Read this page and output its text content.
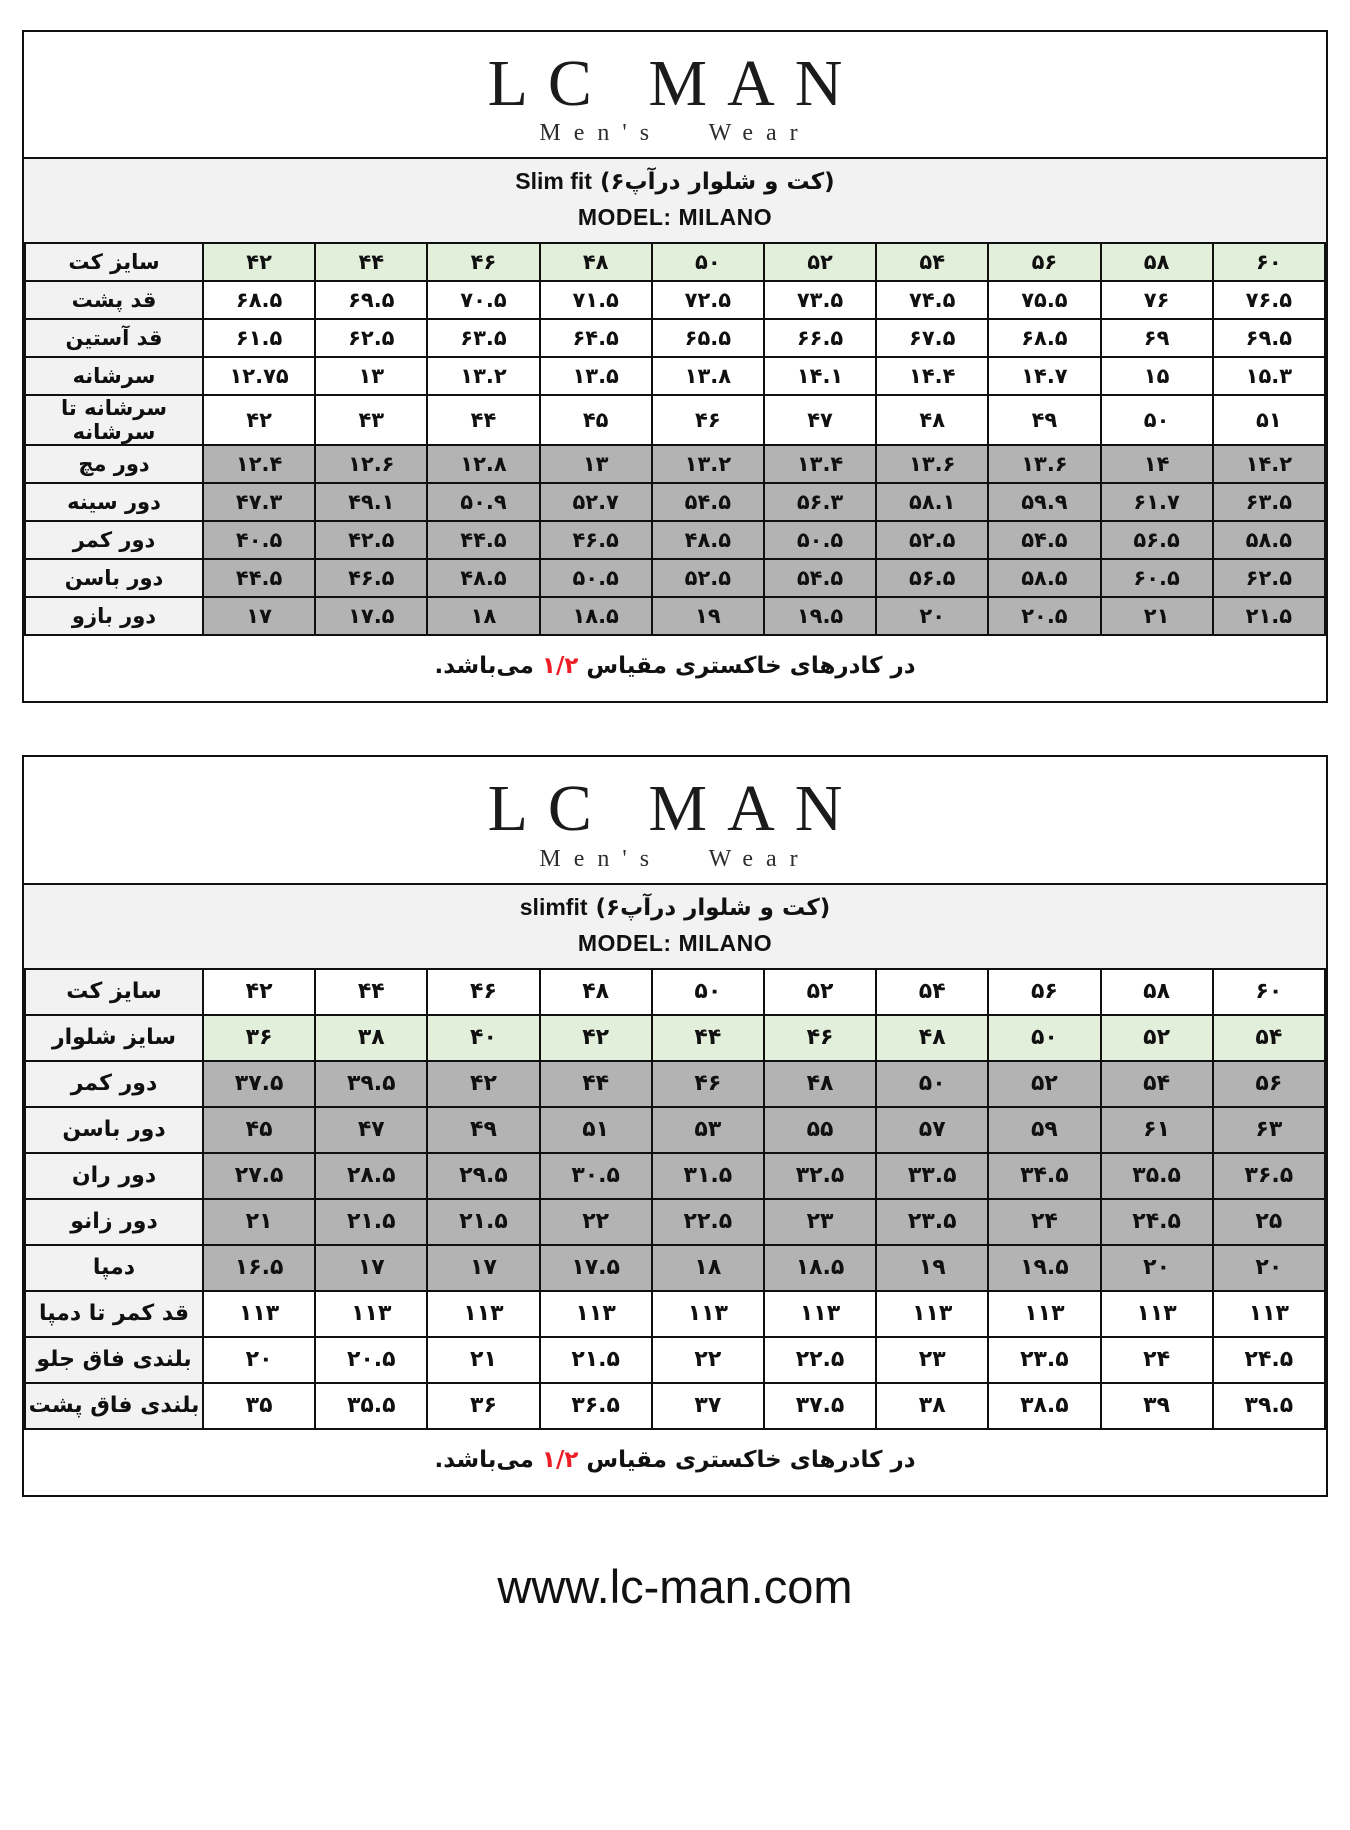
LC MAN
Men's Wear
Slim fit (کت و شلوار درآپ۶)
MODEL: MILANO
سایز کت	۴۲	۴۴	۴۶	۴۸	۵۰	۵۲	۵۴	۵۶	۵۸	۶۰
قد پشت	۶۸.۵	۶۹.۵	۷۰.۵	۷۱.۵	۷۲.۵	۷۳.۵	۷۴.۵	۷۵.۵	۷۶	۷۶.۵
قد آستین	۶۱.۵	۶۲.۵	۶۳.۵	۶۴.۵	۶۵.۵	۶۶.۵	۶۷.۵	۶۸.۵	۶۹	۶۹.۵
سرشانه	۱۲.۷۵	۱۳	۱۳.۲	۱۳.۵	۱۳.۸	۱۴.۱	۱۴.۴	۱۴.۷	۱۵	۱۵.۳
سرشانه تا سرشانه	۴۲	۴۳	۴۴	۴۵	۴۶	۴۷	۴۸	۴۹	۵۰	۵۱
دور مچ	۱۲.۴	۱۲.۶	۱۲.۸	۱۳	۱۳.۲	۱۳.۴	۱۳.۶	۱۳.۶	۱۴	۱۴.۲
دور سینه	۴۷.۳	۴۹.۱	۵۰.۹	۵۲.۷	۵۴.۵	۵۶.۳	۵۸.۱	۵۹.۹	۶۱.۷	۶۳.۵
دور کمر	۴۰.۵	۴۲.۵	۴۴.۵	۴۶.۵	۴۸.۵	۵۰.۵	۵۲.۵	۵۴.۵	۵۶.۵	۵۸.۵
دور باسن	۴۴.۵	۴۶.۵	۴۸.۵	۵۰.۵	۵۲.۵	۵۴.۵	۵۶.۵	۵۸.۵	۶۰.۵	۶۲.۵
دور بازو	۱۷	۱۷.۵	۱۸	۱۸.۵	۱۹	۱۹.۵	۲۰	۲۰.۵	۲۱	۲۱.۵
در کادرهای خاکستری مقیاس ۱/۲ می‌باشد.
LC MAN
Men's Wear
slimfit (کت و شلوار درآپ۶)
MODEL: MILANO
سایز کت	۴۲	۴۴	۴۶	۴۸	۵۰	۵۲	۵۴	۵۶	۵۸	۶۰
سایز شلوار	۳۶	۳۸	۴۰	۴۲	۴۴	۴۶	۴۸	۵۰	۵۲	۵۴
دور کمر	۳۷.۵	۳۹.۵	۴۲	۴۴	۴۶	۴۸	۵۰	۵۲	۵۴	۵۶
دور باسن	۴۵	۴۷	۴۹	۵۱	۵۳	۵۵	۵۷	۵۹	۶۱	۶۳
دور ران	۲۷.۵	۲۸.۵	۲۹.۵	۳۰.۵	۳۱.۵	۳۲.۵	۳۳.۵	۳۴.۵	۳۵.۵	۳۶.۵
دور زانو	۲۱	۲۱.۵	۲۱.۵	۲۲	۲۲.۵	۲۳	۲۳.۵	۲۴	۲۴.۵	۲۵
دمپا	۱۶.۵	۱۷	۱۷	۱۷.۵	۱۸	۱۸.۵	۱۹	۱۹.۵	۲۰	۲۰
قد کمر تا دمپا	۱۱۳	۱۱۳	۱۱۳	۱۱۳	۱۱۳	۱۱۳	۱۱۳	۱۱۳	۱۱۳	۱۱۳
بلندی فاق جلو	۲۰	۲۰.۵	۲۱	۲۱.۵	۲۲	۲۲.۵	۲۳	۲۳.۵	۲۴	۲۴.۵
بلندی فاق پشت	۳۵	۳۵.۵	۳۶	۳۶.۵	۳۷	۳۷.۵	۳۸	۳۸.۵	۳۹	۳۹.۵
در کادرهای خاکستری مقیاس ۱/۲ می‌باشد.
www.lc-man.com
